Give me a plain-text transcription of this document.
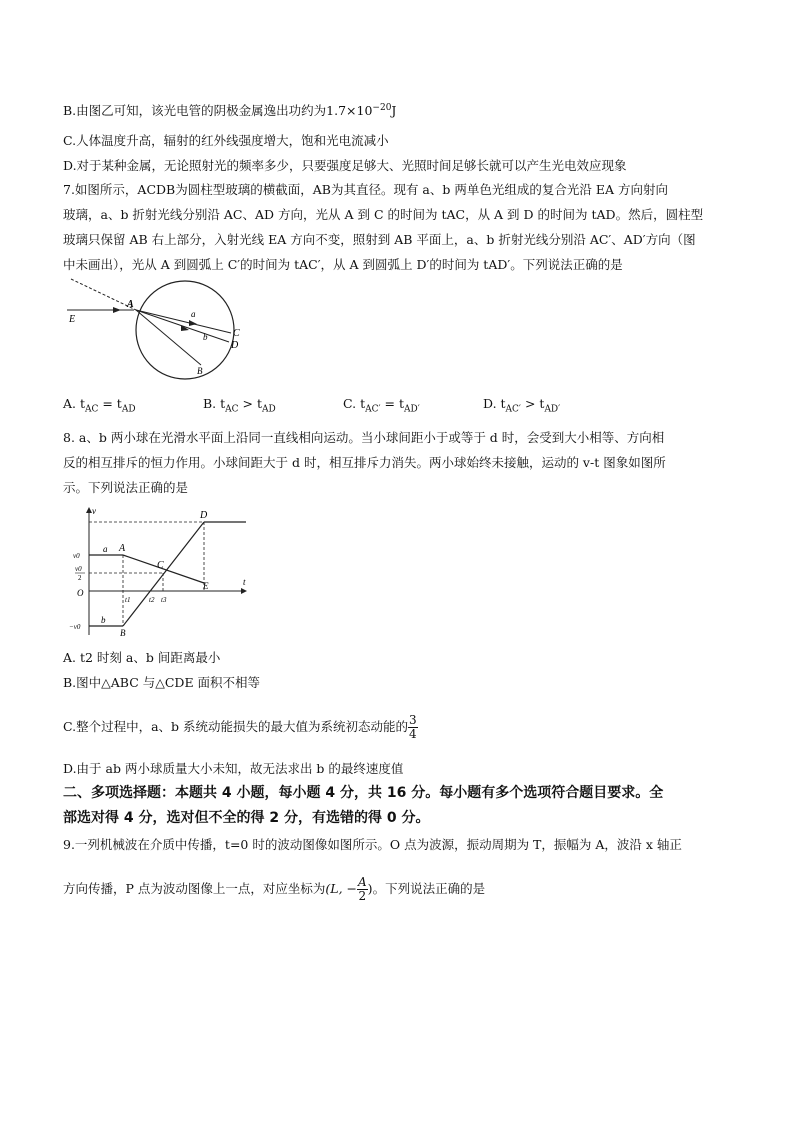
B.由图乙可知，该光电管的阴极金属逸出功约为$1.7\times 10^{-20}J$
C.人体温度升高，辐射的红外线强度增大，饱和光电流减小
D.对于某种金属，无论照射光的频率多少，只要强度足够大、光照时间足够长就可以产生光电效应现象
7.如图所示，ACDB为圆柱型玻璃的横截面，AB为其直径。现有 a、b 两单色光组成的复合光沿 EA 方向射向
玻璃，a、b 折射光线分别沿 AC、AD 方向，光从 A 到 C 的时间为 tAC，从 A 到 D 的时间为 tAD。然后，圆柱型
玻璃只保留 AB 右上部分，入射光线 EA 方向不变，照射到 AB 平面上，a、b 折射光线分别沿 AC′、AD′方向（图
中未画出），光从 A 到圆弧上 C′的时间为 tAC′，从 A 到圆弧上 D′的时间为 tAD′。下列说法正确的是
E
A
a
b	C
D
B
A. $t_{AC} = t_{AD}$	B. $t_{AC} > t_{AD}$	C. $t_{AC'} = t_{AD'}$	D. $t_{AC'} > t_{AD'}$
8. a、b 两小球在光滑水平面上沿同一直线相向运动。当小球间距小于或等于 d 时，会受到大小相等、方向相
反的相互排斥的恒力作用。小球间距大于 d 时，相互排斥力消失。两小球始终未接触，运动的 v-t 图象如图所
示。下列说法正确的是
v
t
O
v0
v0
2
−v0
A
B
C
D
E
a
b
t1	t2 t3
A. t2 时刻 a、b 间距离最小
B.图中△ABC 与△CDE 面积不相等
C.整个过程中，a、b 系统动能损失的最大值为系统初态动能的 $\frac{3}{4}$
D.由于 ab 两小球质量大小未知，故无法求出 b 的最终速度值
二、多项选择题：本题共 4 小题，每小题 4 分，共 16 分。每小题有多个选项符合题目要求。全
部选对得 4 分，选对但不全的得 2 分，有选错的得 0 分。
9.一列机械波在介质中传播，t=0 时的波动图像如图所示。O 点为波源，振动周期为 T，振幅为 A，波沿 x 轴正
方向传播，P 点为波动图像上一点，对应坐标为(L, − $\frac{A}{2}$ )。下列说法正确的是
